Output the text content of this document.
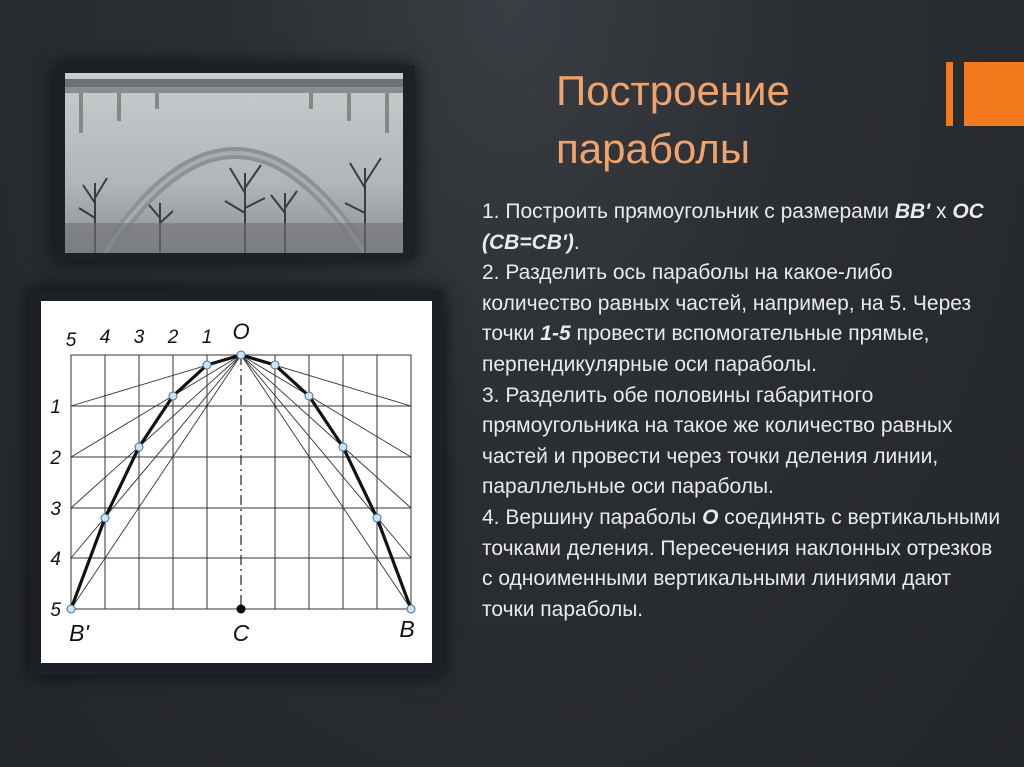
5 4 3 2 1 O
1
2
3
4
5
B'	C	B
Построение
параболы

1. Построить прямоугольник с размерами BB' x OC (CB=CB').

2. Разделить ось параболы на какое-либо количество равных частей, например, на 5. Через точки 1-5 провести вспомогательные прямые, перпендикулярные оси параболы.

3. Разделить обе половины габаритного прямоугольника на такое же количество равных частей и провести через точки деления линии, параллельные оси параболы.

4. Вершину параболы O соединять с вертикальными точками деления. Пересечения наклонных отрезков с одноименными вертикальными линиями дают точки параболы.
